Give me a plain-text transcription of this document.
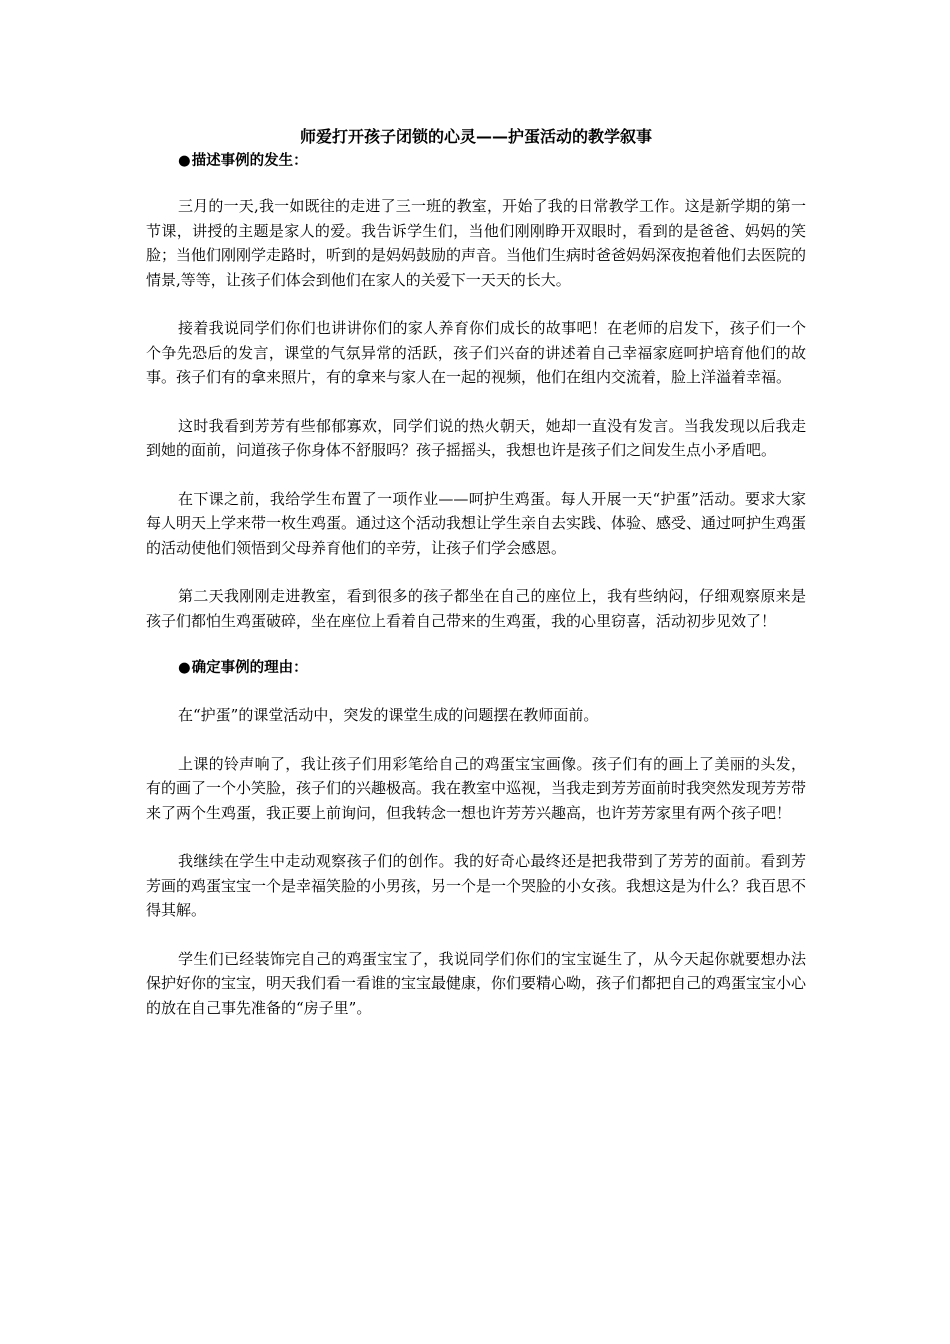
师爱打开孩子闭锁的心灵——护蛋活动的教学叙事

●描述事例的发生：

三月的一天,我一如既往的走进了三一班的教室，开始了我的日常教学工作。这是新学期的第一节课，讲授的主题是家人的爱。我告诉学生们，当他们刚刚睁开双眼时，看到的是爸爸、妈妈的笑脸；当他们刚刚学走路时，听到的是妈妈鼓励的声音。当他们生病时爸爸妈妈深夜抱着他们去医院的情景,等等，让孩子们体会到他们在家人的关爱下一天天的长大。

接着我说同学们你们也讲讲你们的家人养育你们成长的故事吧！在老师的启发下，孩子们一个个争先恐后的发言，课堂的气氛异常的活跃，孩子们兴奋的讲述着自己幸福家庭呵护培育他们的故事。孩子们有的拿来照片，有的拿来与家人在一起的视频，他们在组内交流着，脸上洋溢着幸福。

这时我看到芳芳有些郁郁寡欢，同学们说的热火朝天，她却一直没有发言。当我发现以后我走到她的面前，问道孩子你身体不舒服吗？孩子摇摇头，我想也许是孩子们之间发生点小矛盾吧。

在下课之前，我给学生布置了一项作业——呵护生鸡蛋。每人开展一天“护蛋”活动。要求大家每人明天上学来带一枚生鸡蛋。通过这个活动我想让学生亲自去实践、体验、感受、通过呵护生鸡蛋的活动使他们领悟到父母养育他们的辛劳，让孩子们学会感恩。

第二天我刚刚走进教室，看到很多的孩子都坐在自己的座位上，我有些纳闷，仔细观察原来是孩子们都怕生鸡蛋破碎，坐在座位上看着自己带来的生鸡蛋，我的心里窃喜，活动初步见效了！

●确定事例的理由：

在“护蛋”的课堂活动中，突发的课堂生成的问题摆在教师面前。

上课的铃声响了，我让孩子们用彩笔给自己的鸡蛋宝宝画像。孩子们有的画上了美丽的头发，有的画了一个小笑脸，孩子们的兴趣极高。我在教室中巡视，当我走到芳芳面前时我突然发现芳芳带来了两个生鸡蛋，我正要上前询问，但我转念一想也许芳芳兴趣高，也许芳芳家里有两个孩子吧！

我继续在学生中走动观察孩子们的创作。我的好奇心最终还是把我带到了芳芳的面前。看到芳芳画的鸡蛋宝宝一个是幸福笑脸的小男孩，另一个是一个哭脸的小女孩。我想这是为什么？我百思不得其解。

学生们已经装饰完自己的鸡蛋宝宝了，我说同学们你们的宝宝诞生了，从今天起你就要想办法保护好你的宝宝，明天我们看一看谁的宝宝最健康，你们要精心呦，孩子们都把自己的鸡蛋宝宝小心的放在自己事先准备的“房子里”。
